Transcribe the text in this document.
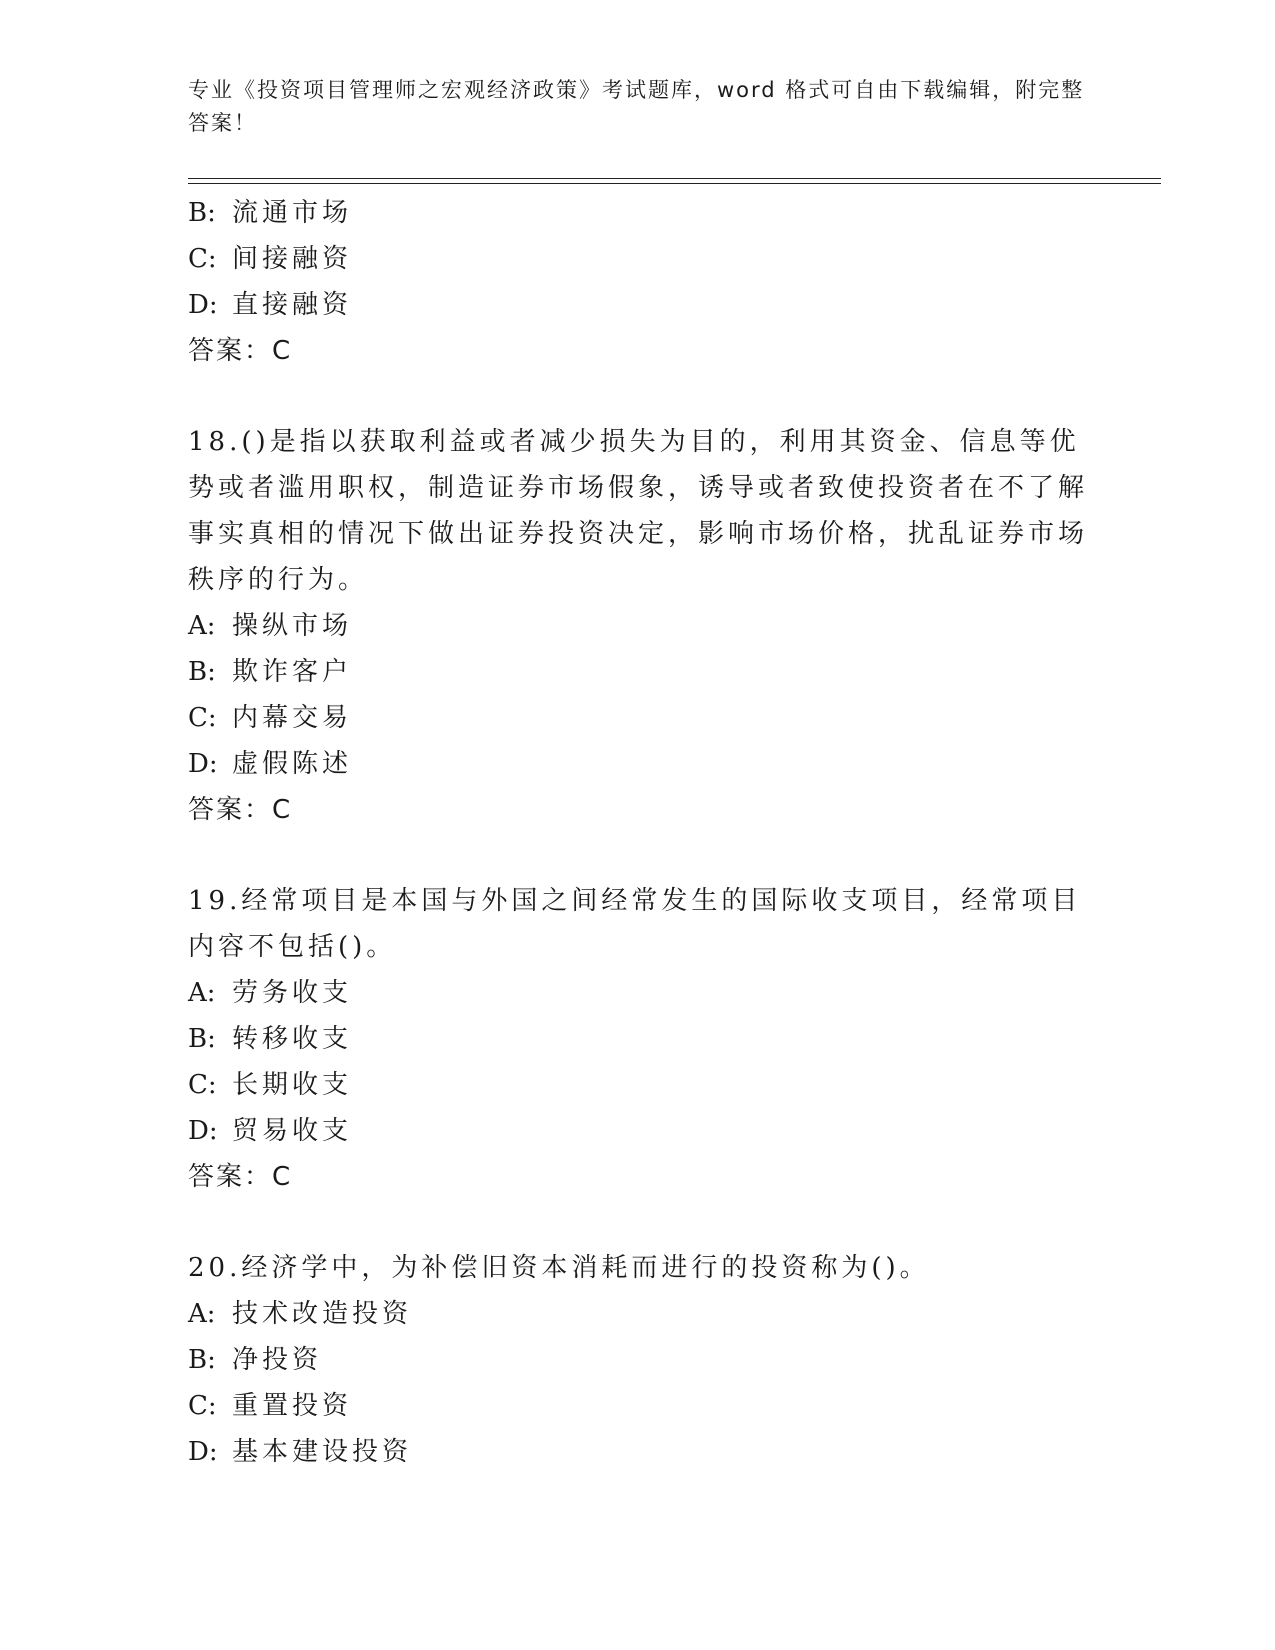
专业《投资项目管理师之宏观经济政策》考试题库，word 格式可自由下载编辑，附完整答案！
B: 流通市场
C: 间接融资
D: 直接融资
答案：C
18.()是指以获取利益或者减少损失为目的，利用其资金、信息等优势或者滥用职权，制造证券市场假象，诱导或者致使投资者在不了解事实真相的情况下做出证券投资决定，影响市场价格，扰乱证券市场秩序的行为。
A: 操纵市场
B: 欺诈客户
C: 内幕交易
D: 虚假陈述
答案：C
19.经常项目是本国与外国之间经常发生的国际收支项目，经常项目内容不包括()。
A: 劳务收支
B: 转移收支
C: 长期收支
D: 贸易收支
答案：C
20.经济学中，为补偿旧资本消耗而进行的投资称为()。
A: 技术改造投资
B: 净投资
C: 重置投资
D: 基本建设投资
